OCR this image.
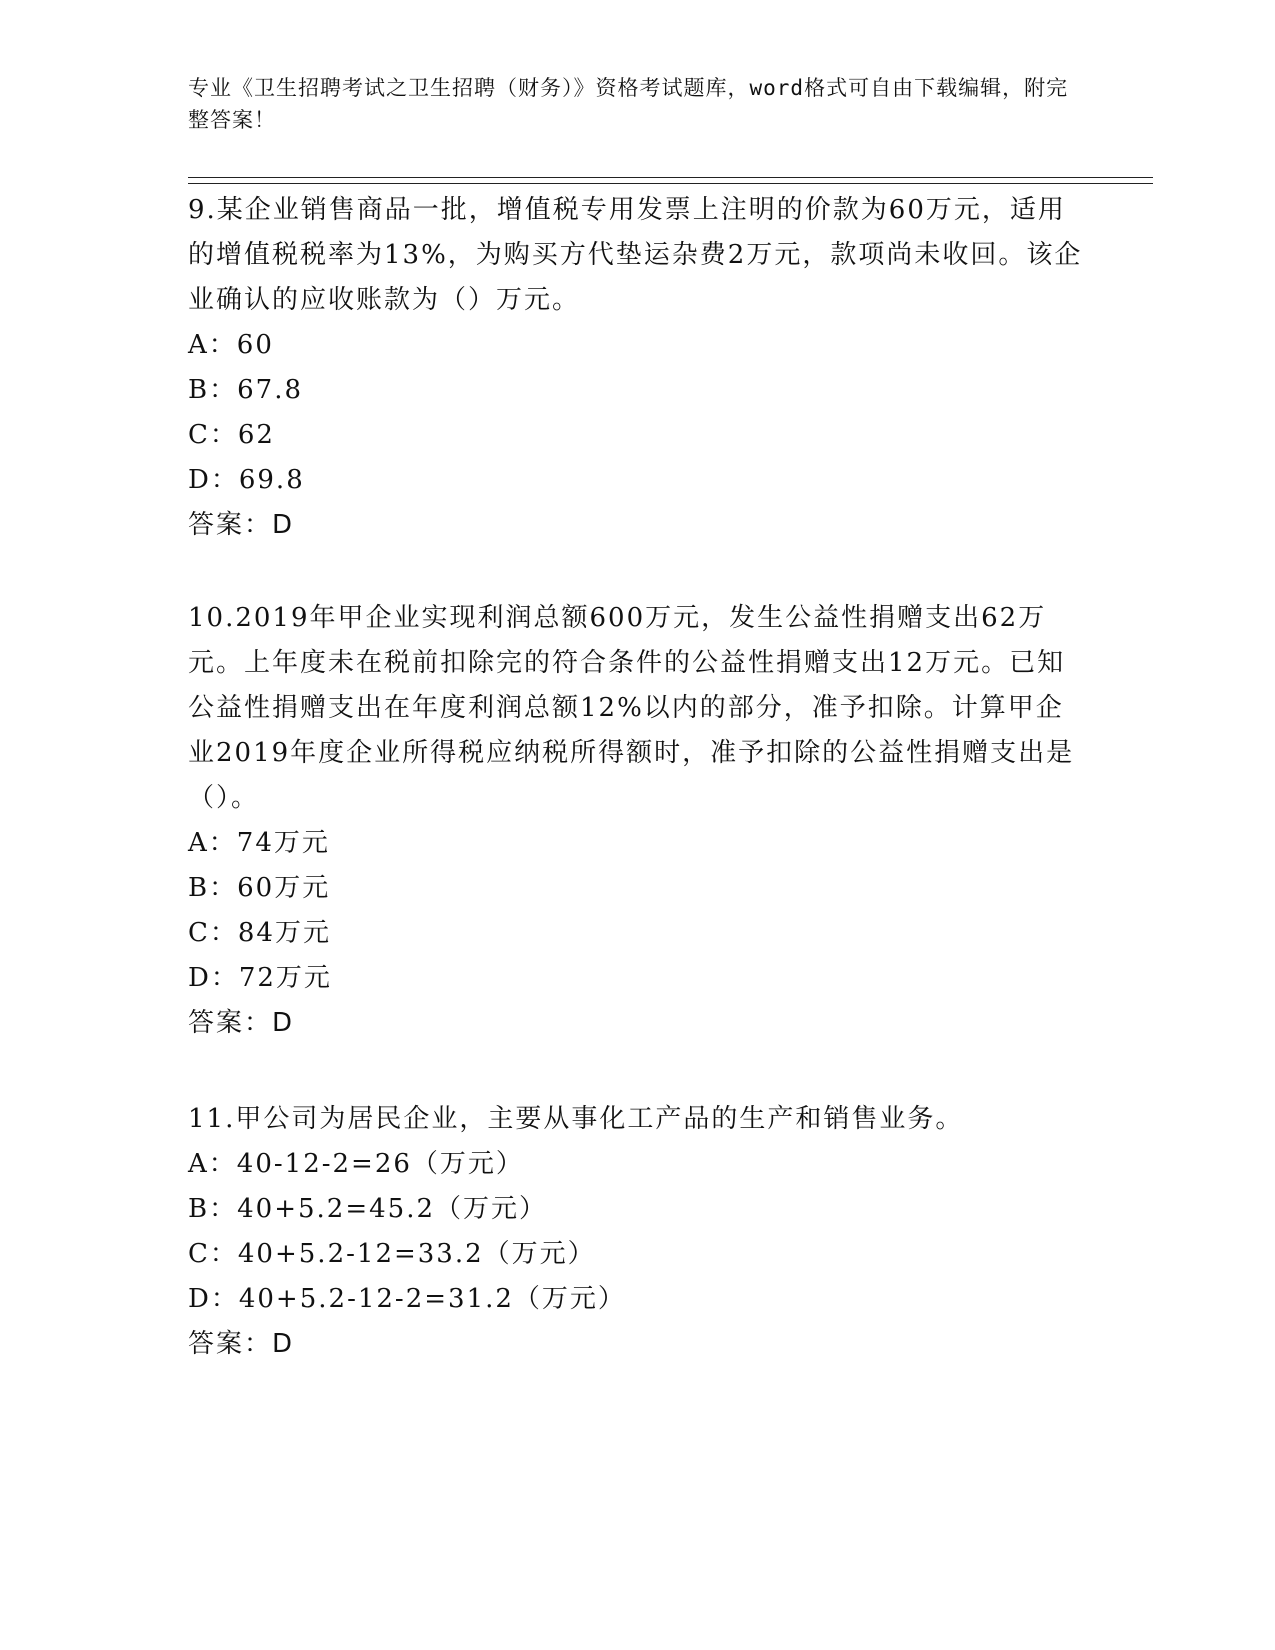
专业《卫生招聘考试之卫生招聘（财务）》资格考试题库，word格式可自由下载编辑，附完整答案！

9.某企业销售商品一批，增值税专用发票上注明的价款为60万元，适用的增值税税率为13%，为购买方代垫运杂费2万元，款项尚未收回。该企业确认的应收账款为（）万元。

A：60

B：67.8

C：62

D：69.8

答案：D

10.2019年甲企业实现利润总额600万元，发生公益性捐赠支出62万元。上年度未在税前扣除完的符合条件的公益性捐赠支出12万元。已知公益性捐赠支出在年度利润总额12%以内的部分，准予扣除。计算甲企业2019年度企业所得税应纳税所得额时，准予扣除的公益性捐赠支出是（）。

A：74万元

B：60万元

C：84万元

D：72万元

答案：D

11.甲公司为居民企业，主要从事化工产品的生产和销售业务。

A：40-12-2=26（万元）

B：40+5.2=45.2（万元）

C：40+5.2-12=33.2（万元）

D：40+5.2-12-2=31.2（万元）

答案：D
